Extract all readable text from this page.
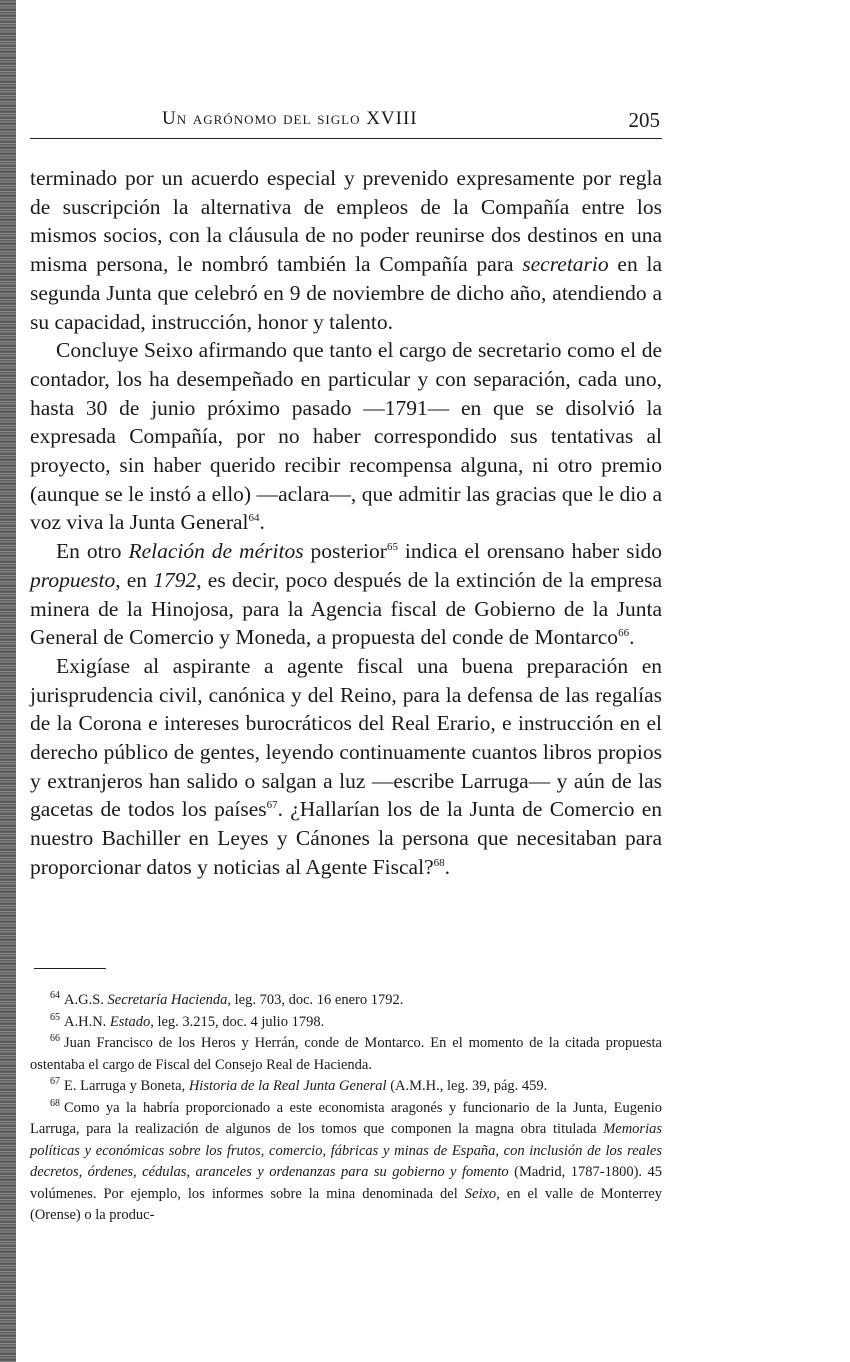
Un agrónomo del siglo XVIII	205

terminado por un acuerdo especial y prevenido expresamente por regla de suscripción la alternativa de empleos de la Compañía entre los mismos socios, con la cláusula de no poder reunirse dos destinos en una misma persona, le nombró también la Compañía para secretario en la segunda Junta que celebró en 9 de noviembre de dicho año, atendiendo a su capacidad, instrucción, honor y talento.

Concluye Seixo afirmando que tanto el cargo de secretario como el de contador, los ha desempeñado en particular y con separación, cada uno, hasta 30 de junio próximo pasado —1791— en que se disolvió la expresada Compañía, por no haber correspondido sus tentativas al proyecto, sin haber querido recibir recompensa alguna, ni otro premio (aunque se le instó a ello) —aclara—, que admitir las gracias que le dio a voz viva la Junta General$^{64}$.

En otro Relación de méritos posterior$^{65}$ indica el orensano haber sido propuesto, en 1792, es decir, poco después de la extinción de la empresa minera de la Hinojosa, para la Agencia fiscal de Gobierno de la Junta General de Comercio y Moneda, a propuesta del conde de Montarco$^{66}$.

Exigíase al aspirante a agente fiscal una buena preparación en jurisprudencia civil, canónica y del Reino, para la defensa de las regalías de la Corona e intereses burocráticos del Real Erario, e instrucción en el derecho público de gentes, leyendo continuamente cuantos libros propios y extranjeros han salido o salgan a luz —escribe Larruga— y aún de las gacetas de todos los países$^{67}$. ¿Hallarían los de la Junta de Comercio en nuestro Bachiller en Leyes y Cánones la persona que necesitaban para proporcionar datos y noticias al Agente Fiscal?$^{68}$.

$^{64}$ A.G.S. Secretaría Hacienda, leg. 703, doc. 16 enero 1792.

$^{65}$ A.H.N. Estado, leg. 3.215, doc. 4 julio 1798.

$^{66}$ Juan Francisco de los Heros y Herrán, conde de Montarco. En el momento de la citada propuesta ostentaba el cargo de Fiscal del Consejo Real de Hacienda.

$^{67}$ E. Larruga y Boneta, Historia de la Real Junta General (A.M.H., leg. 39, pág. 459.

$^{68}$ Como ya la habría proporcionado a este economista aragonés y funcionario de la Junta, Eugenio Larruga, para la realización de algunos de los tomos que componen la magna obra titulada Memorias políticas y económicas sobre los frutos, comercio, fábricas y minas de España, con inclusión de los reales decretos, órdenes, cédulas, aranceles y ordenanzas para su gobierno y fomento (Madrid, 1787-1800). 45 volúmenes. Por ejemplo, los informes sobre la mina denominada del Seixo, en el valle de Monterrey (Orense) o la produc-
